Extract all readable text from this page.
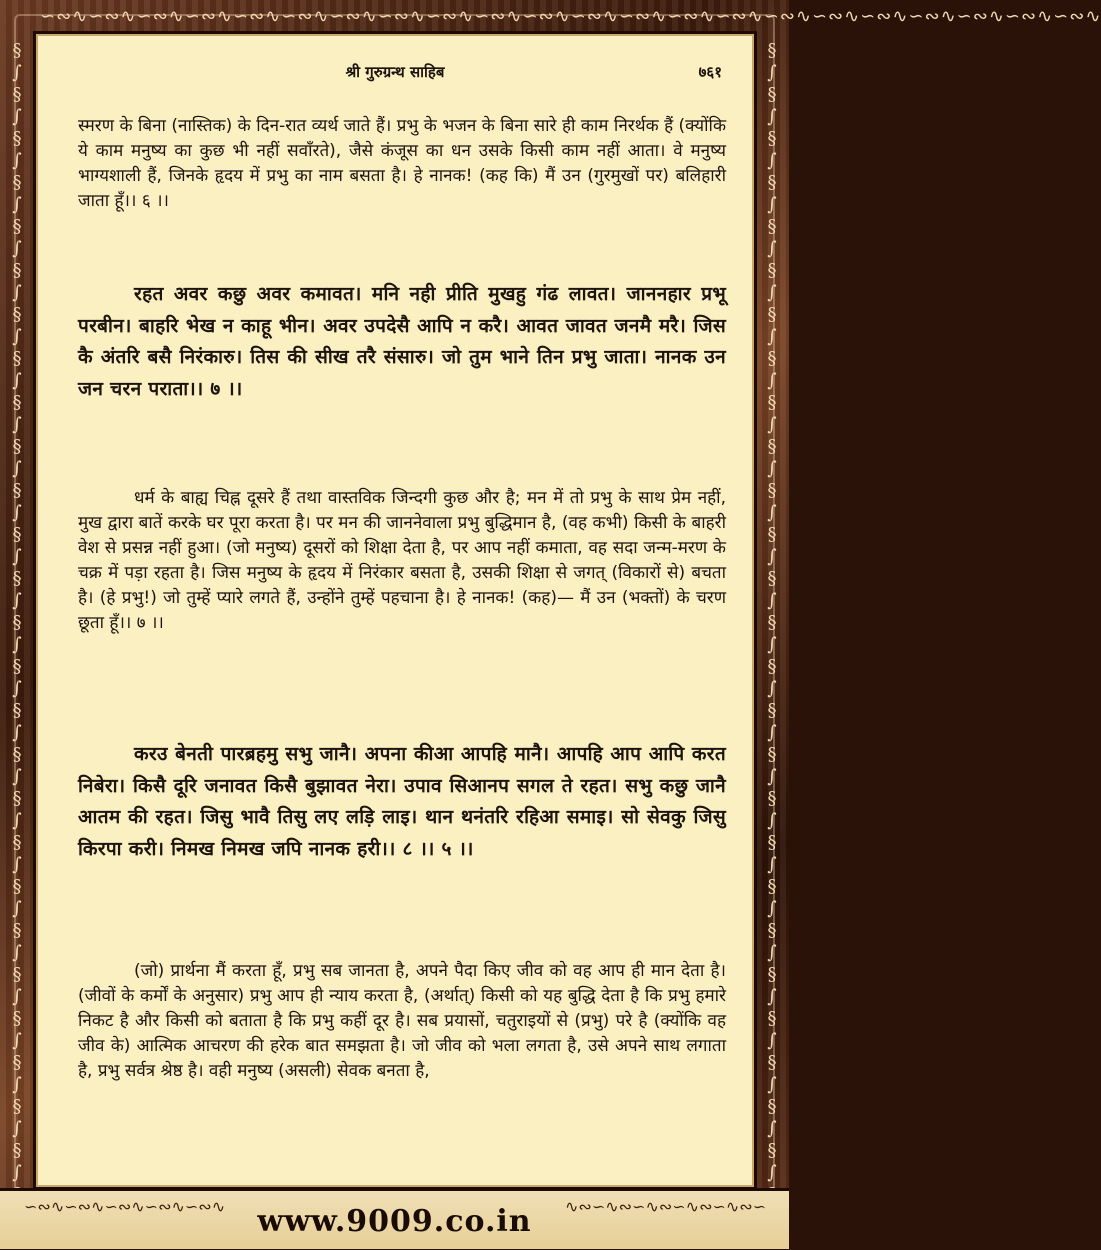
∽∾∿∽∾∿∽∾∿∽∾∿∽∾∿∽∾∿∽∾∿∽∾∿∽∾∿∽∾∿∽∾∿∽∾∿∽∾∿∽∾∿∽∾∿∽∾∿∽∾∿∽∾∿∽∾∿∽∾∿∽∾∿∽∾∿
§
∫
§
∫
§
∫
§
∫
§
∫
§
∫
§
∫
§
∫
§
∫
§
∫
§
∫
§
∫
§
∫
§
∫
§
∫
§
∫
§
∫
§
∫
§
∫
§
∫
§
∫
§
∫
§
∫
§
∫
§
∫
§
∫

§
∫
§
∫
§
∫
§
∫
§
∫
§
∫
§
∫
§
∫
§
∫
§
∫
§
∫
§
∫
§
∫
§
∫
§
∫
§
∫
§
∫
§
∫
§
∫
§
∫
§
∫
§
∫
§
∫
§
∫
§
∫
§
∫

श्री गुरुग्रन्थ साहिब	७६१
स्मरण के बिना (नास्तिक) के दिन-रात व्यर्थ जाते हैं। प्रभु के भजन के बिना सारे ही काम निरर्थक हैं (क्योंकि ये काम मनुष्य का कुछ भी नहीं सवाँरते), जैसे कंजूस का धन उसके किसी काम नहीं आता। वे मनुष्य भाग्यशाली हैं, जिनके हृदय में प्रभु का नाम बसता है। हे नानक! (कह कि) मैं उन (गुरमुखों पर) बलिहारी जाता हूँ।। ६ ।।
रहत अवर कछु अवर कमावत। मनि नही प्रीति मुखहु गंढ लावत। जाननहार प्रभू परबीन। बाहरि भेख न काहू भीन। अवर उपदेसै आपि न करै। आवत जावत जनमै मरै। जिस कै अंतरि बसै निरंकारु। तिस की सीख तरै संसारु। जो तुम भाने तिन प्रभु जाता। नानक उन जन चरन पराता।। ७ ।।
धर्म के बाह्य चिह्न दूसरे हैं तथा वास्तविक जिन्दगी कुछ और है; मन में तो प्रभु के साथ प्रेम नहीं, मुख द्वारा बातें करके घर पूरा करता है। पर मन की जाननेवाला प्रभु बुद्धिमान है, (वह कभी) किसी के बाहरी वेश से प्रसन्न नहीं हुआ। (जो मनुष्य) दूसरों को शिक्षा देता है, पर आप नहीं कमाता, वह सदा जन्म-मरण के चक्र में पड़ा रहता है। जिस मनुष्य के हृदय में निरंकार बसता है, उसकी शिक्षा से जगत् (विकारों से) बचता है। (हे प्रभु!) जो तुम्हें प्यारे लगते हैं, उन्होंने तुम्हें पहचाना है। हे नानक! (कह)— मैं उन (भक्तों) के चरण छूता हूँ।। ७ ।।
करउ बेनती पारब्रहमु सभु जानै। अपना कीआ आपहि मानै। आपहि आप आपि करत निबेरा। किसै दूरि जनावत किसै बुझावत नेरा। उपाव सिआनप सगल ते रहत। सभु कछु जानै आतम की रहत। जिसु भावै तिसु लए लड़ि लाइ। थान थनंतरि रहिआ समाइ। सो सेवकु जिसु किरपा करी। निमख निमख जपि नानक हरी।। ८ ।। ५ ।।
(जो) प्रार्थना मैं करता हूँ, प्रभु सब जानता है, अपने पैदा किए जीव को वह आप ही मान देता है। (जीवों के कर्मों के अनुसार) प्रभु आप ही न्याय करता है, (अर्थात्) किसी को यह बुद्धि देता है कि प्रभु हमारे निकट है और किसी को बताता है कि प्रभु कहीं दूर है। सब प्रयासों, चतुराइयों से (प्रभु) परे है (क्योंकि वह जीव के) आत्मिक आचरण की हरेक बात समझता है। जो जीव को भला लगता है, उसे अपने साथ लगाता है, प्रभु सर्वत्र श्रेष्ठ है। वही मनुष्य (असली) सेवक बनता है,
∽∾∿∽∾∿∽∾∿∽∾∿∽∾∿	∿∾∽∿∾∽∿∾∽∿∾∽∿∾∽
www.9009.co.in
